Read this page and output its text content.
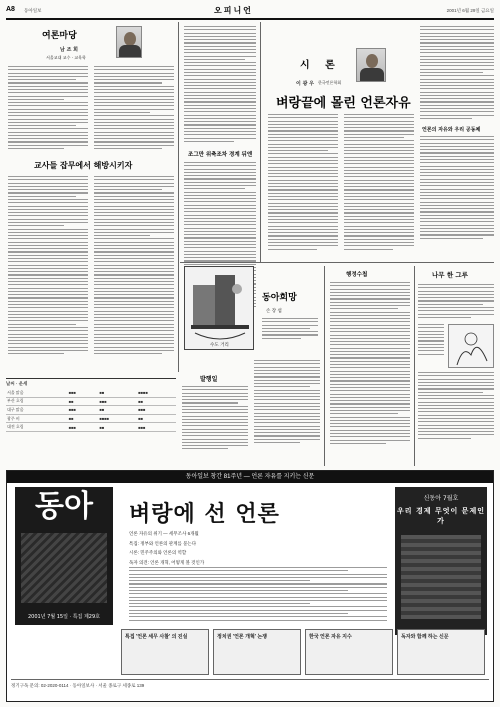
A8 동아일보	오피니언	2001년 6월 29일 금요일
여론마당
남 조 희
서울교대 교수 · 교육학
교사들 잡무에서 해방시키자
조그만 위축조차 경계 뒤엔
시 론
이 광 우 한국언론학회
벼랑끝에 몰린 언론자유
언론의 자유와 우리 공동체
수도 거리
동아희망
손 장 섭
행정수첩	나무 한 그루
날씨 · 운세
서울 맑음	■■■	■■	■■■■
부산 흐림	■■	■■■	■■
대구 맑음	■■■	■■	■■■
광주 비	■■	■■■■	■■
대전 흐림	■■■	■■	■■■
발행일
동아일보 창간 81주년 — 언론 자유를 지키는 신문
동아
2001년 7월 15일 · 특집 제29호
벼랑에 선 언론
언론 자유의 위기 — 세무조사 6개월
특집: 정부와 언론의 관계를 묻는다
시론: 민주주의와 언론의 역할
독자 의견: 언론 개혁, 어떻게 볼 것인가
신동아 7월호
우리 경제 무엇이 문제인가
특집 '언론 세무 사찰' 의 진실	정치권 '언론 개혁' 논쟁	한국 언론 자유 지수	독자와 함께 하는 신문
정기구독 문의: 02-2020-0114 · 동아일보사 · 서울 종로구 세종로 139
